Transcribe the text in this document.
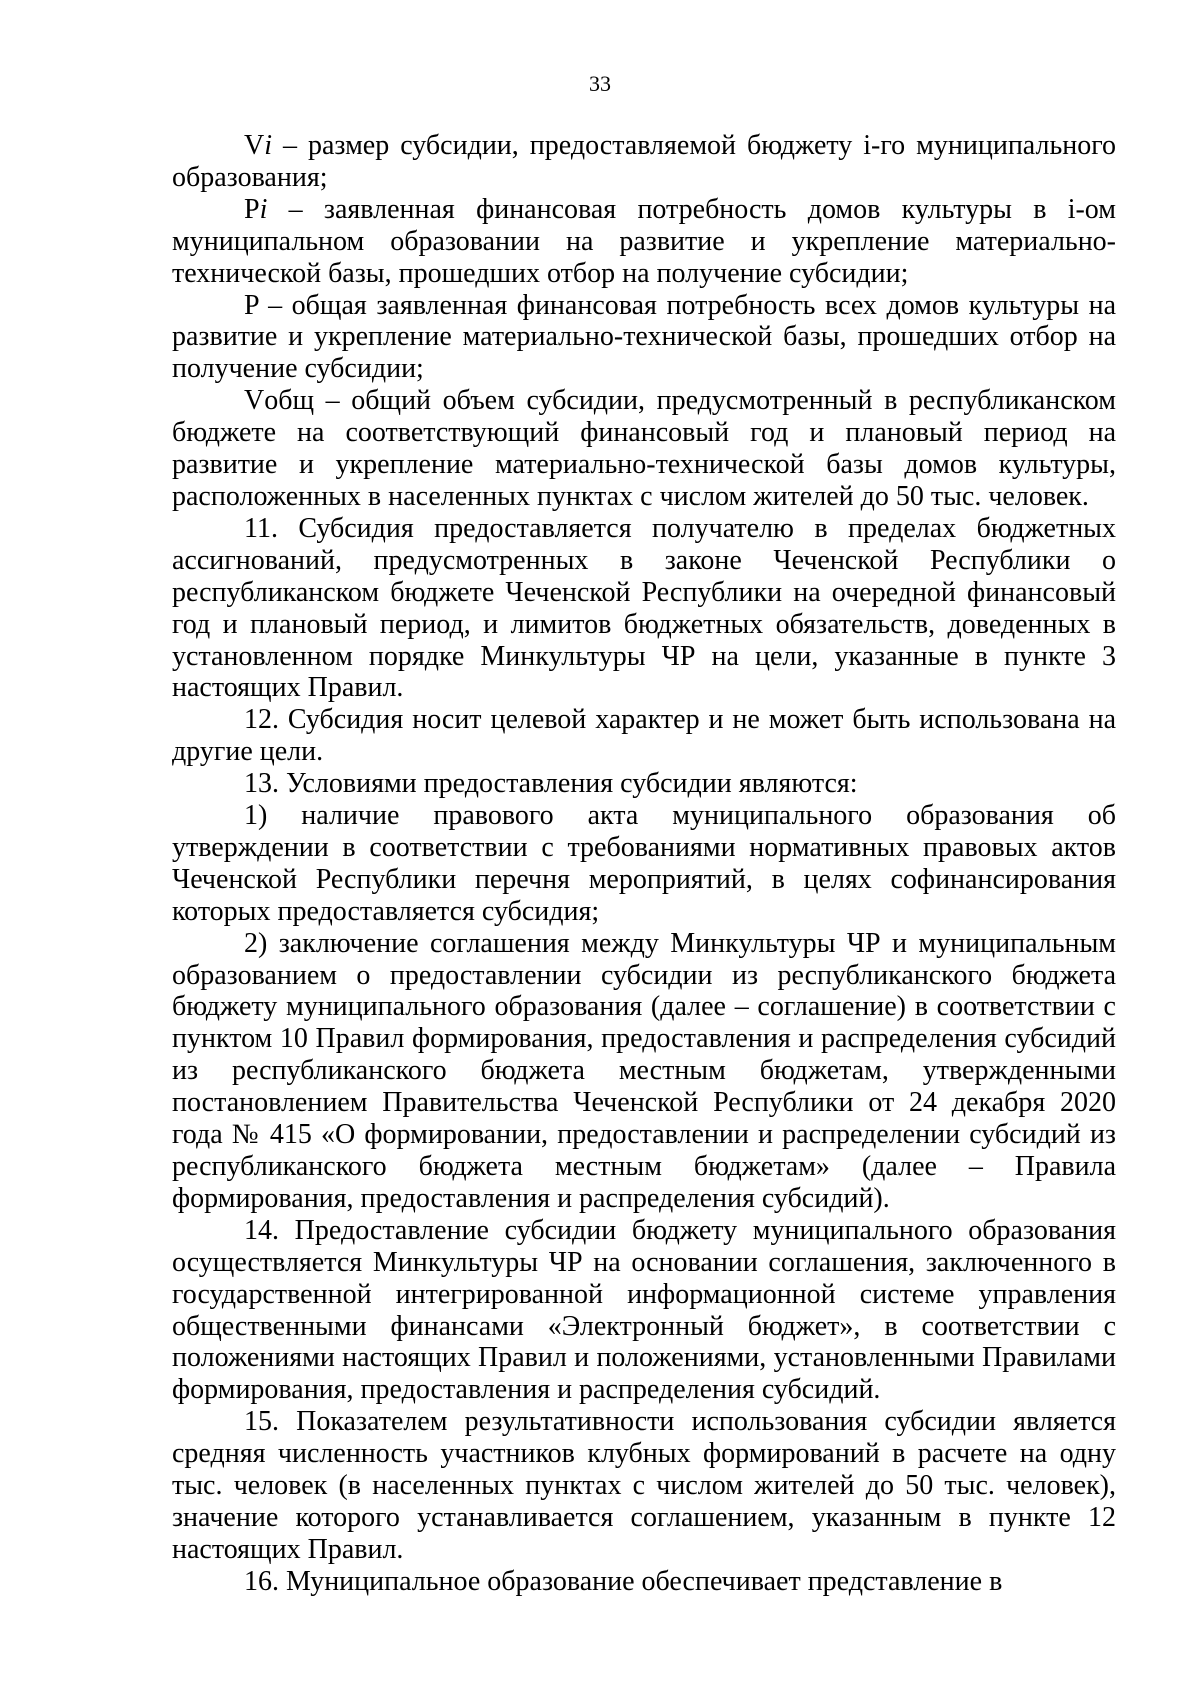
33

Vi – размер субсидии, предоставляемой бюджету i-го муниципального образования;

Pi – заявленная финансовая потребность домов культуры в i-ом муниципальном образовании на развитие и укрепление материально-технической базы, прошедших отбор на получение субсидии;

P – общая заявленная финансовая потребность всех домов культуры на развитие и укрепление материально-технической базы, прошедших отбор на получение субсидии;

Vобщ – общий объем субсидии, предусмотренный в республиканском бюджете на соответствующий финансовый год и плановый период на развитие и укрепление материально-технической базы домов культуры, расположенных в населенных пунктах с числом жителей до 50 тыс. человек.

11. Субсидия предоставляется получателю в пределах бюджетных ассигнований, предусмотренных в законе Чеченской Республики о республиканском бюджете Чеченской Республики на очередной финансовый год и плановый период, и лимитов бюджетных обязательств, доведенных в установленном порядке Минкультуры ЧР на цели, указанные в пункте 3 настоящих Правил.

12. Субсидия носит целевой характер и не может быть использована на другие цели.

13. Условиями предоставления субсидии являются:

1) наличие правового акта муниципального образования об утверждении в соответствии с требованиями нормативных правовых актов Чеченской Республики перечня мероприятий, в целях софинансирования которых предоставляется субсидия;

2) заключение соглашения между Минкультуры ЧР и муниципальным образованием о предоставлении субсидии из республиканского бюджета бюджету муниципального образования (далее – соглашение) в соответствии с пунктом 10 Правил формирования, предоставления и распределения субсидий из республиканского бюджета местным бюджетам, утвержденными постановлением Правительства Чеченской Республики от 24 декабря 2020 года № 415 «О формировании, предоставлении и распределении субсидий из республиканского бюджета местным бюджетам» (далее – Правила формирования, предоставления и распределения субсидий).

14. Предоставление субсидии бюджету муниципального образования осуществляется Минкультуры ЧР на основании соглашения, заключенного в государственной интегрированной информационной системе управления общественными финансами «Электронный бюджет», в соответствии с положениями настоящих Правил и положениями, установленными Правилами формирования, предоставления и распределения субсидий.

15. Показателем результативности использования субсидии является средняя численность участников клубных формирований в расчете на одну тыс. человек (в населенных пунктах с числом жителей до 50 тыс. человек), значение которого устанавливается соглашением, указанным в пункте 12 настоящих Правил.

16. Муниципальное образование обеспечивает представление в
